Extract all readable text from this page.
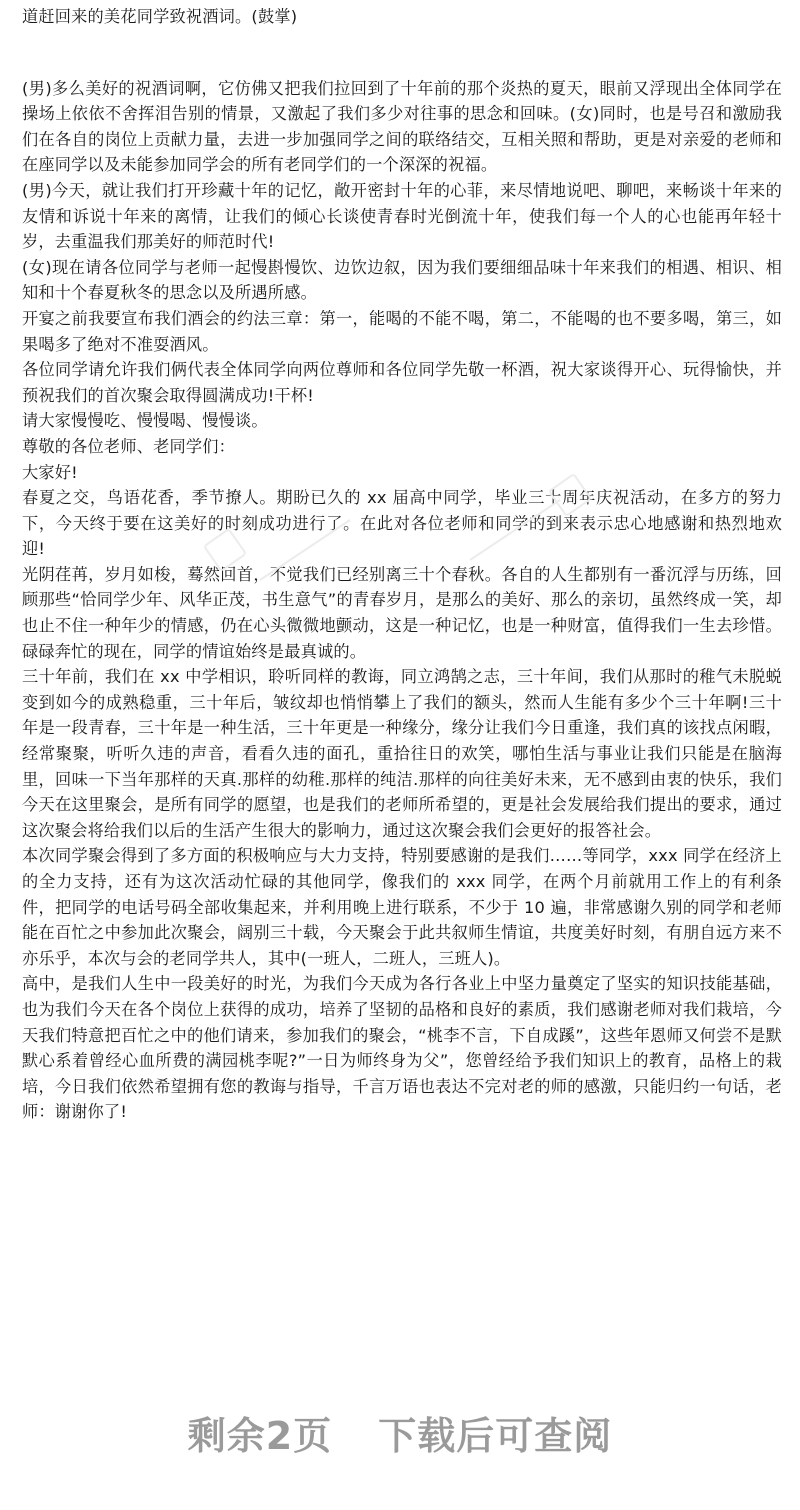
道赶回来的美花同学致祝酒词。(鼓掌)

(男)多么美好的祝酒词啊，它仿佛又把我们拉回到了十年前的那个炎热的夏天，眼前又浮现出全体同学在操场上依依不舍挥泪告别的情景，又激起了我们多少对往事的思念和回味。(女)同时，也是号召和激励我们在各自的岗位上贡献力量，去进一步加强同学之间的联络结交，互相关照和帮助，更是对亲爱的老师和在座同学以及未能参加同学会的所有老同学们的一个深深的祝福。

(男)今天，就让我们打开珍藏十年的记忆，敞开密封十年的心菲，来尽情地说吧、聊吧，来畅谈十年来的友情和诉说十年来的离情，让我们的倾心长谈使青春时光倒流十年，使我们每一个人的心也能再年轻十岁，去重温我们那美好的师范时代!

(女)现在请各位同学与老师一起慢斟慢饮、边饮边叙，因为我们要细细品味十年来我们的相遇、相识、相知和十个春夏秋冬的思念以及所遇所感。

开宴之前我要宣布我们酒会的约法三章：第一，能喝的不能不喝，第二，不能喝的也不要多喝，第三，如果喝多了绝对不准耍酒风。

各位同学请允许我们俩代表全体同学向两位尊师和各位同学先敬一杯酒，祝大家谈得开心、玩得愉快，并预祝我们的首次聚会取得圆满成功!干杯!

请大家慢慢吃、慢慢喝、慢慢谈。

尊敬的各位老师、老同学们：

大家好!

春夏之交，鸟语花香，季节撩人。期盼已久的 xx 届高中同学，毕业三十周年庆祝活动，在多方的努力下，今天终于要在这美好的时刻成功进行了。在此对各位老师和同学的到来表示忠心地感谢和热烈地欢迎!

光阴荏苒，岁月如梭，蓦然回首，不觉我们已经别离三十个春秋。各自的人生都别有一番沉浮与历练，回顾那些“恰同学少年、风华正茂，书生意气”的青春岁月，是那么的美好、那么的亲切，虽然终成一笑，却也止不住一种年少的情感，仍在心头微微地颤动，这是一种记忆，也是一种财富，值得我们一生去珍惜。碌碌奔忙的现在，同学的情谊始终是最真诚的。

三十年前，我们在 xx 中学相识，聆听同样的教诲，同立鸿鹄之志，三十年间，我们从那时的稚气未脱蜕变到如今的成熟稳重，三十年后，皱纹却也悄悄攀上了我们的额头，然而人生能有多少个三十年啊!三十年是一段青春，三十年是一种生活，三十年更是一种缘分，缘分让我们今日重逢，我们真的该找点闲暇，经常聚聚，听听久违的声音，看看久违的面孔，重拾往日的欢笑，哪怕生活与事业让我们只能是在脑海里，回味一下当年那样的天真.那样的幼稚.那样的纯洁.那样的向往美好未来，无不感到由衷的快乐，我们今天在这里聚会，是所有同学的愿望，也是我们的老师所希望的，更是社会发展给我们提出的要求，通过这次聚会将给我们以后的生活产生很大的影响力，通过这次聚会我们会更好的报答社会。

本次同学聚会得到了多方面的积极响应与大力支持，特别要感谢的是我们……等同学，xxx 同学在经济上的全力支持，还有为这次活动忙碌的其他同学，像我们的 xxx 同学，在两个月前就用工作上的有利条件，把同学的电话号码全部收集起来，并利用晚上进行联系，不少于 10 遍，非常感谢久别的同学和老师能在百忙之中参加此次聚会，阔别三十载，今天聚会于此共叙师生情谊，共度美好时刻，有朋自远方来不亦乐乎，本次与会的老同学共人，其中(一班人，二班人，三班人)。

高中，是我们人生中一段美好的时光，为我们今天成为各行各业上中坚力量奠定了坚实的知识技能基础，也为我们今天在各个岗位上获得的成功，培养了坚韧的品格和良好的素质，我们感谢老师对我们栽培，今天我们特意把百忙之中的他们请来，参加我们的聚会，“桃李不言，下自成蹊”，这些年恩师又何尝不是默默心系着曾经心血所费的满园桃李呢?”一日为师终身为父”，您曾经给予我们知识上的教育，品格上的栽培，今日我们依然希望拥有您的教诲与指导，千言万语也表达不完对老的师的感激，只能归约一句话，老师：谢谢你了!

剩余2页 下载后可查阅
